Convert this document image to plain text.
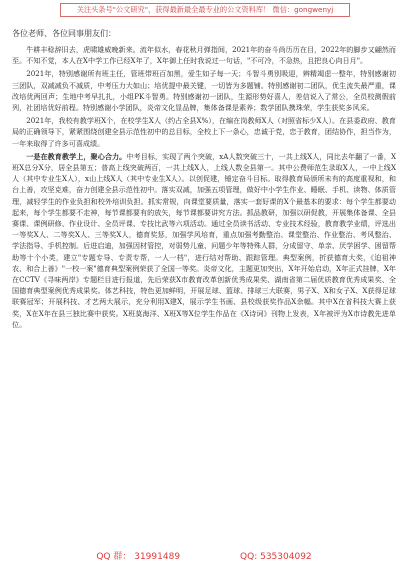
关注头条号"公文研究"，获得最新最全最专业的公文资料库！ 微信：gongwenyj
各位老师、各位同事朋友们：

牛耕丰稔辞旧去，虎啸雄威晚新来。流年似水，春花秋月弹指间，2021年的奋斗尚历历在目，2022年的脚步又翩然而至。不知不觉，本人在X中学工作已经X年了，X年御上任时我说过一句话，"不可冷，不急热，且把良心向日月"。

2021年，特别感谢所有班主任，管班带班百加黑，爱生如子每一天；斗智斗勇别吸迎，辨精竭虑一整年，特别感谢初三团队，双减减负不减质，中考压力大如山；培优提中最关键，一切皆为多题铺。特别感谢初二团队，优生流失最严重，课改培优两回声；生地中考早扎扎，小组PK斗智勇。特别感谢初一团队，生源形势好喜人，差信说入了常公，全员校测假前列，社团培优好前程。特别感谢小学团队，炎帝文化显品牌，集体备课是素养；数学团队携珠荣，学生获奖多风采。

2021年，我校有教学班X个，在校学生X人（约占全县X%），在编在岗教师X人（对照省标少X人）。在县委政府、教育局的正确领导下，紧紧围绕创建全县示范性初中的总目标，全校上下一条心，忠诚于党，忠于教育，团结协作，担当作为，一年来取得了许多可喜成绩。

一是在教育教学上，聚心合力。中考目标，实现了两个突破，xA人数突破三十，一共上线X人，同比去年翻了一番，X班X总分X分，居全县第五；普高上线突破两百，一共上线X人，上线人数全县第一。其中公费师范生录取X人，一中上线X人（其中专业生X人），x山上线X人（其中专业生X人）。以创促建，锤定奋斗目标。取得教育局颁所未有的高度重视和，和台上善，攻坚克难，奋力创建全县示范性初中。落实双减，加强五项管理，做好中小学生作业、睡眠、手机、读物、体质管理，减轻学生的作业负担和校外培训负担。抓实常规，向课堂要质量，落实一套好课的X个最基本的要求：每个学生都要动起来，每个学生都要不走神，每节课都要有的放矢，每节课都要讲究方法。抓品教研，加强以研促教，开展集体备课、全县赛课、课例研修、作业设计、全员评课、专技比武等六项活动。通过全员读书活动、专业技术经验，教育教学业绩，评选出一等奖X人、二等奖X人、三等奖X人，德育奖惩，加强学风培育，重点加强考勤整治、课堂整治、作业整治、考风整治、学法指导、手机控制。后进启迪，加强因材管控，对弱势儿童、问题少年等特殊人群，分成留守、单亲、厌学困学、困留帮助等十个小类，建立"专题专导、专责专帮，一人一档"，进行结对帮助、跟踪管理。典型案例，折获德育大奖，《迫祖神农、和合上善》"一校一案"德育典型案例荣获了全国一等奖。炎帝文化，主题更加突出，X年开始启动，X年正式挂牌，X年在CCTV《寻味两岸》专题栏目进行报道，先后荣获X市教育改革创新优秀成果奖、湖南省第二届优质教育优秀成果奖、全国德育典型案例优秀成果奖。体艺科技，特色更加鲜明，开展足球、篮球、排球三大联赛，男子X、X和女子X、X获得足球联赛冠军；开展科技、才艺两大展示，充分利用X建X，展示学生书画、县校级获奖作品X余幅。其中X在省科技大赛上获奖，X在X年在县三独比赛中获奖。X班莫海洋、X班X等X位学生作品在《X诗词》刊物上发表，X年被评为X市诗教先进单位。

QQ 群： 31991489	QQ: 535304092
